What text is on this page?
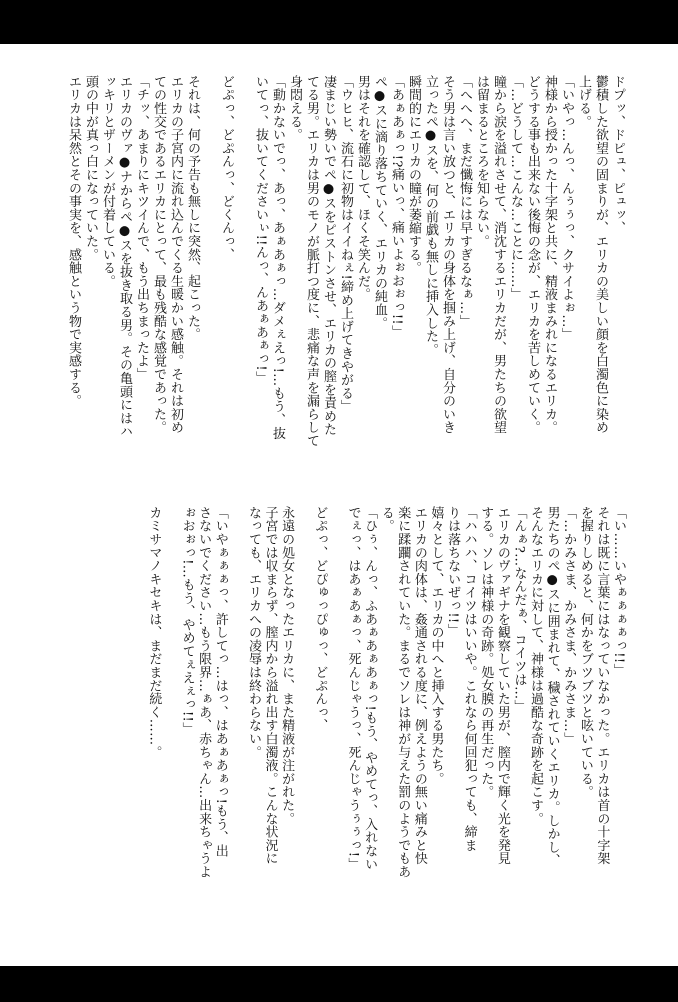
ドプッ、ドピュ、ピュッ、
鬱積した欲望の固まりが、エリカの美しい顔を白濁色に染め
上げる。
「いやっ…んっ、んぅぅっ、クサイよぉ…」
神様から授かった十字架と共に、精液まみれになるエリカ。
どうする事も出来ない後悔の念が、エリカを苦しめていく。
「…どうして…こんな…ことに……」
瞳から涙を溢れさせて、消沈するエリカだが、男たちの欲望
は留まるところを知らない。
「へへへ、まだ懺悔には早すぎるなぁ…」
そう男は言い放つと、エリカの身体を掴み上げ、自分のいき
立ったペ●スを、何の前戯も無しに挿入した。
瞬間的にエリカの瞳が萎縮する。
「あぁあぁっ!?痛いっ、痛いよぉおぉっ!!」
ペ●スに滴り落ちていく、エリカの純血。
男はそれを確認して、ほくそ笑んだ。
「ウヒヒ、流石に初物はイイねぇ!締め上げてきやがる」
凄まじい勢いでペ●スをピストンさせ、エリカの膣を責めた
てる男。エリカは男のモノが脈打つ度に、悲痛な声を漏らして
身悶える。
「動かないでっ、あっ、あぁあぁっ…ダメぇえっ!…もう、抜
いてっ、抜いてくださいぃ!!んっ、んあぁあぁっ!」

どぷっ、どぷんっ、どくんっ、

それは、何の予告も無しに突然、起こった。
エリカの子宮内に流れ込んでくる生暖かい感触。それは初め
ての性交であるエリカにとって、最も残酷な感覚であった。
「チッ、あまりにキツイんで、もう出ちまったよ」
エリカのヴァ●ナからペ●スを抜き取る男。その亀頭にはハ
ッキリとザーメンが付着している。
頭の中が真っ白になっていた。
エリカは呆然とその事実を、感触という物で実感する。
「い……いやぁぁぁぁっ!!」
それは既に言葉にはなっていなかった。エリカは首の十字架
を握りしめると、何かをブツブツと呟いている。
「…かみさま、かみさま、かみさま…」
男たちのペ●スに囲まれて、穢されていくエリカ。しかし、
そんなエリカに対して、神様は過酷な奇跡を起こす。
「んぁ?…なんだぁ、コイツは…」
エリカのヴァギナを観察していた男が、膣内で輝く光を発見
する。ソレは神様の奇跡。処女膜の再生だった。
「ハハハ、コイツはいいや。これなら何回犯っても、締ま
りは落ちないぜっ!!」
嬉々として、エリカの中へと挿入する男たち。
エリカの肉体は、姦通される度に、例えようの無い痛みと快
楽に蹂躙されていた。まるでソレは神が与えた罰のようでもあ
る。
「ひぅ、んっ、ふあぁあぁあぁっ!もう、やめてっ、入れない
でぇっ、はあぁあぁっ、死んじゃうっ、死んじゃうぅぅっ!」

どぷっ、どぴゅっぴゅっ、どぷんっ、

永遠の処女となったエリカに、また精液が注がれた。
子宮では収まらず、膣内から溢れ出す白濁液。こんな状況に
なっても、エリカへの凌辱は終わらない。

「いやぁぁぁっ、許してっ…はっ、はあぁあぁっ!もう、出
さないでください…もう限界…ぁあ、赤ちゃん…出来ちゃうよ
ぉおぉっ!…もう、やめてぇえぇっ!!」

カミサマノキセキは、まだまだ続く……。
